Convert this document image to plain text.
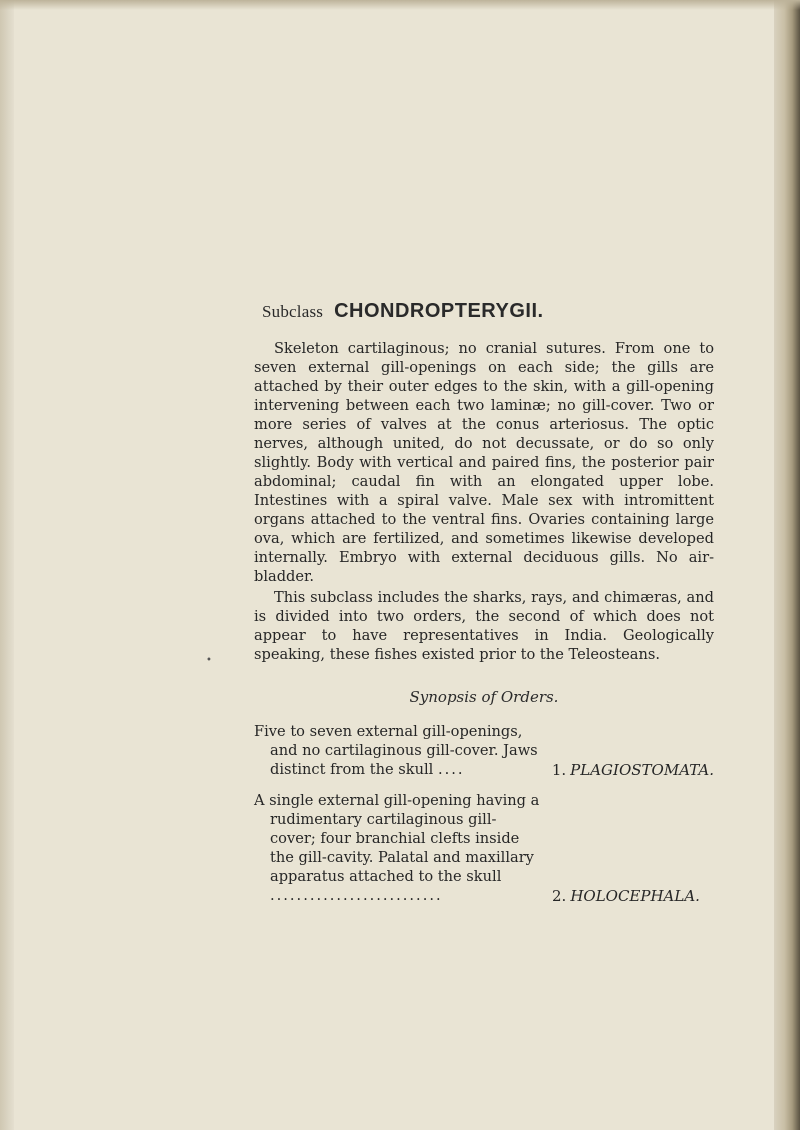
•
Subclass CHONDROPTERYGII.

Skeleton cartilaginous; no cranial sutures. From one to seven external gill-openings on each side; the gills are attached by their outer edges to the skin, with a gill-opening intervening between each two laminæ; no gill-cover. Two or more series of valves at the conus arteriosus. The optic nerves, although united, do not decussate, or do so only slightly. Body with vertical and paired fins, the posterior pair abdominal; caudal fin with an elongated upper lobe. Intestines with a spiral valve. Male sex with intromittent organs attached to the ventral fins. Ovaries containing large ova, which are fertilized, and sometimes likewise developed internally. Embryo with external deciduous gills. No air-bladder.

This subclass includes the sharks, rays, and chimæras, and is divided into two orders, the second of which does not appear to have representatives in India. Geologically speaking, these fishes existed prior to the Teleosteans.

Synopsis of Orders.
Five to seven external gill-openings, and no cartilaginous gill-cover. Jaws distinct from the skull ....	1. PLAGIOSTOMATA.
A single external gill-opening having a rudimentary cartilaginous gill-cover; four branchial clefts inside the gill-cavity. Palatal and maxillary apparatus attached to the skull ..........................	2. HOLOCEPHALA.
